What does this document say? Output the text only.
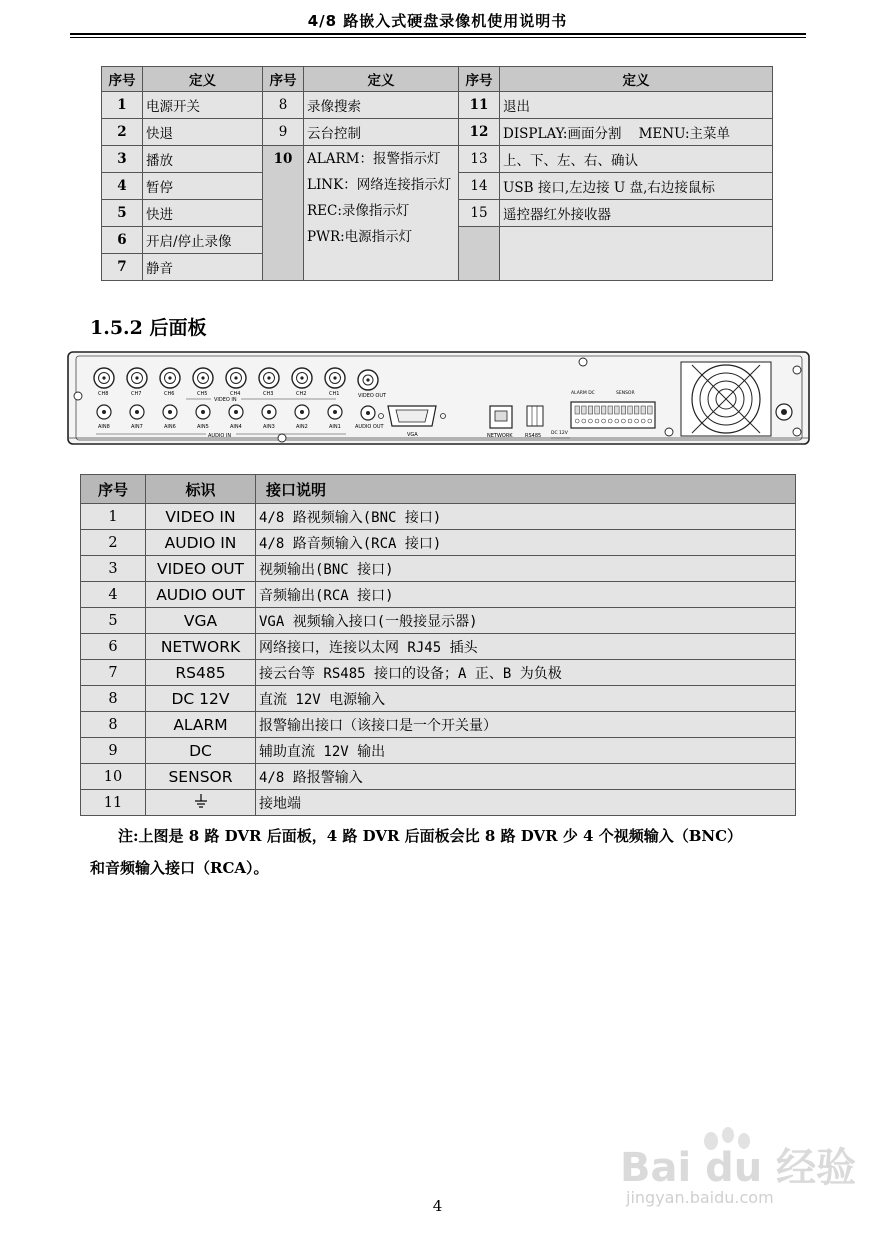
4/8 路嵌入式硬盘录像机使用说明书
序号	定义	序号	定义	序号	定义
1	电源开关	8	录像搜索	11	退出
2	快退	9	云台控制	12	DISPLAY:画面分割    MENU:主菜单
3	播放	10	ALARM：报警指示灯
LINK：网络连接指示灯
REC:录像指示灯
PWR:电源指示灯	13	上、下、左、右、确认
4	暂停			14	USB 接口,左边接 U 盘,右边接鼠标
5	快进			15	遥控器红外接收器
6	开启/停止录像				
7	静音				
1.5.2 后面板
CH8	CH7	CH6	CH5	CH4	CH3	CH2	CH1
AIN8	AIN7	AIN6	AIN5	AIN4	AIN3	AIN2	AIN1
VIDEO IN
AUDIO IN
VIDEO OUT
AUDIO OUT
VGA	NETWORK RS485 DC 12V
ALARM DC	SENSOR
序号	标识	接口说明
1	VIDEO IN	4/8 路视频输入(BNC 接口)
2	AUDIO IN	4/8 路音频输入(RCA 接口)
3	VIDEO OUT	视频输出(BNC 接口)
4	AUDIO OUT	音频输出(RCA 接口)
5	VGA	VGA 视频输入接口(一般接显示器)
6	NETWORK	网络接口，连接以太网 RJ45 插头
7	RS485	接云台等 RS485 接口的设备；A 正、B 为负极
8	DC 12V	直流 12V 电源输入
8	ALARM	报警输出接口（该接口是一个开关量）
9	DC	辅助直流 12V 输出
10	SENSOR	4/8 路报警输入
11		接地端

注:上图是 8 路 DVR 后面板，4 路 DVR 后面板会比 8 路 DVR 少 4 个视频输入（BNC）

和音频输入接口（RCA）。

4
Bai du 经验
jingyan.baidu.com
